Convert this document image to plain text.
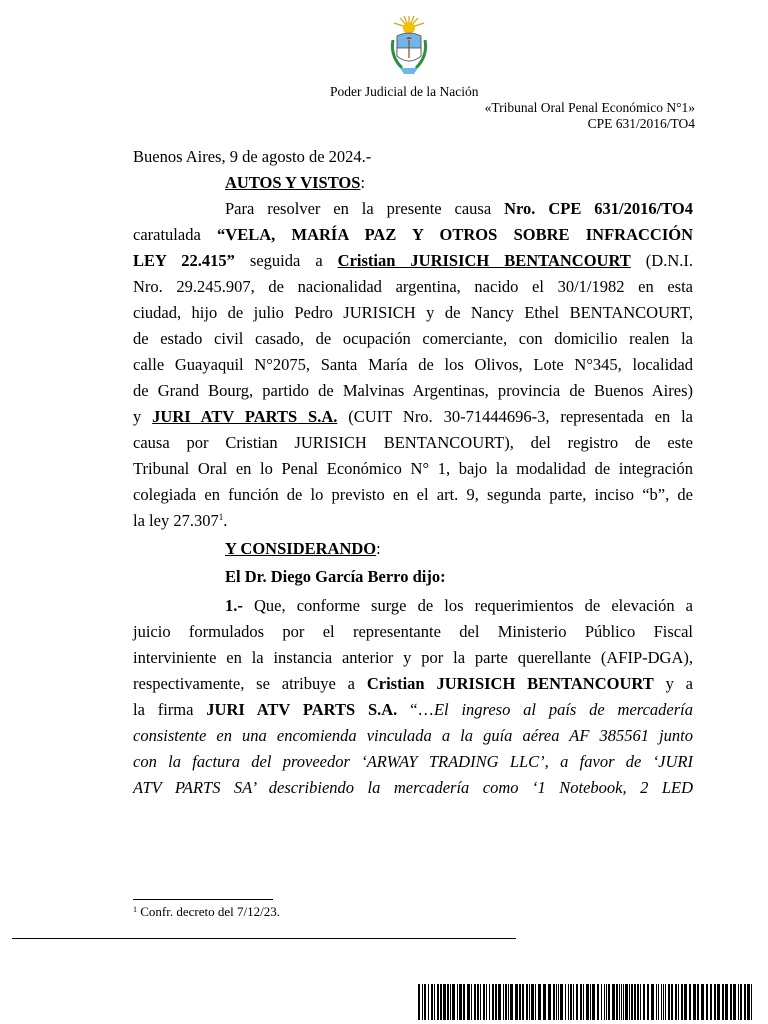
Poder Judicial de la Nación
«Tribunal Oral Penal Económico N°1»
CPE 631/2016/TO4
Buenos Aires, 9 de agosto de 2024.-
AUTOS Y VISTOS:
Para resolver en la presente causa Nro. CPE 631/2016/TO4
caratulada “VELA, MARÍA PAZ Y OTROS SOBRE INFRACCIÓN
LEY 22.415” seguida a Cristian JURISICH BENTANCOURT (D.N.I.
Nro. 29.245.907, de nacionalidad argentina, nacido el 30/1/1982 en esta
ciudad, hijo de julio Pedro JURISICH y de Nancy Ethel BENTANCOURT,
de estado civil casado, de ocupación comerciante, con domicilio realen la
calle Guayaquil N°2075, Santa María de los Olivos, Lote N°345, localidad
de Grand Bourg, partido de Malvinas Argentinas, provincia de Buenos Aires)
y JURI ATV PARTS S.A. (CUIT Nro. 30-71444696-3, representada en la
causa por Cristian JURISICH BENTANCOURT), del registro de este
Tribunal Oral en lo Penal Económico N° 1, bajo la modalidad de integración
colegiada en función de lo previsto en el art. 9, segunda parte, inciso “b”, de
la ley 27.307$^1$.
Y CONSIDERANDO:
El Dr. Diego García Berro dijo:
1.- Que, conforme surge de los requerimientos de elevación a
juicio formulados por el representante del Ministerio Público Fiscal
interviniente en la instancia anterior y por la parte querellante (AFIP-DGA),
respectivamente, se atribuye a Cristian JURISICH BENTANCOURT y a
la firma JURI ATV PARTS S.A. “…El ingreso al país de mercadería
consistente en una encomienda vinculada a la guía aérea AF 385561 junto
con la factura del proveedor ‘ARWAY TRADING LLC’, a favor de ‘JURI
ATV PARTS SA’ describiendo la mercadería como ‘1 Notebook, 2 LED
$^1$ Confr. decreto del 7/12/23.
